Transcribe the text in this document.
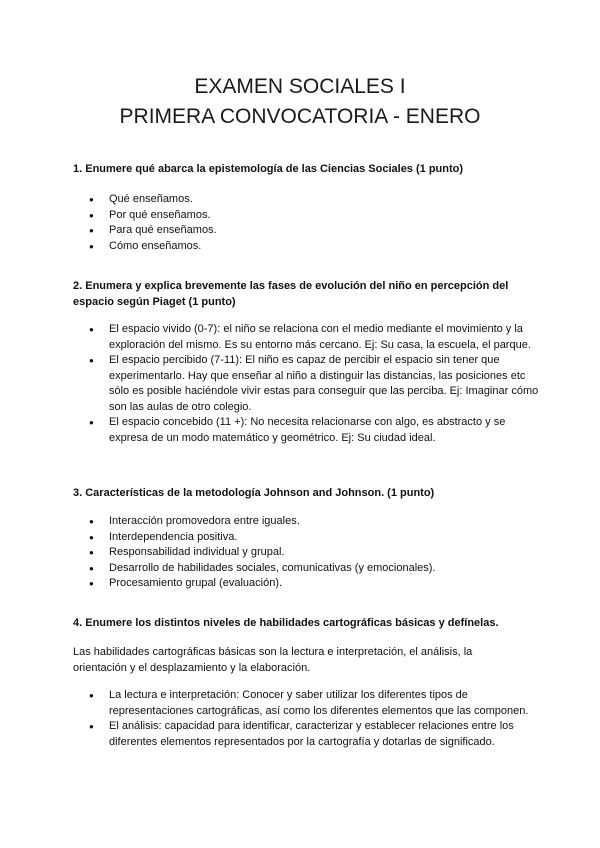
EXAMEN SOCIALES I
PRIMERA CONVOCATORIA - ENERO
1. Enumere qué abarca la epistemología de las Ciencias Sociales (1 punto)
● Qué enseñamos.
● Por qué enseñamos.
● Para qué enseñamos.
● Cómo enseñamos.
2. Enumera y explica brevemente las fases de evolución del niño en percepción del espacio según Piaget (1 punto)
● El espacio vivido (0-7): el niño se relaciona con el medio mediante el movimiento y la exploración del mismo. Es su entorno más cercano. Ej: Su casa, la escuela, el parque.
● El espacio percibido (7-11): El niño es capaz de percibir el espacio sin tener que experimentarlo. Hay que enseñar al niño a distinguir las distancias, las posiciones etc sólo es posible haciéndole vivir estas para conseguir que las perciba. Ej: Imaginar cómo son las aulas de otro colegio.
● El espacio concebido (11 +): No necesita relacionarse con algo, es abstracto y se expresa de un modo matemático y geométrico. Ej: Su ciudad ideal.
3. Características de la metodología Johnson and Johnson. (1 punto)
● Interacción promovedora entre iguales.
● Interdependencia positiva.
● Responsabilidad individual y grupal.
● Desarrollo de habilidades sociales, comunicativas (y emocionales).
● Procesamiento grupal (evaluación).
4. Enumere los distintos niveles de habilidades cartográficas básicas y defínelas.
Las habilidades cartográficas básicas son la lectura e interpretación, el análisis, la orientación y el desplazamiento y la elaboración.
● La lectura e interpretación: Conocer y saber utilizar los diferentes tipos de representaciones cartográficas, así como los diferentes elementos que las componen.
● El análisis: capacidad para identificar, caracterizar y establecer relaciones entre los diferentes elementos representados por la cartografía y dotarlas de significado.
